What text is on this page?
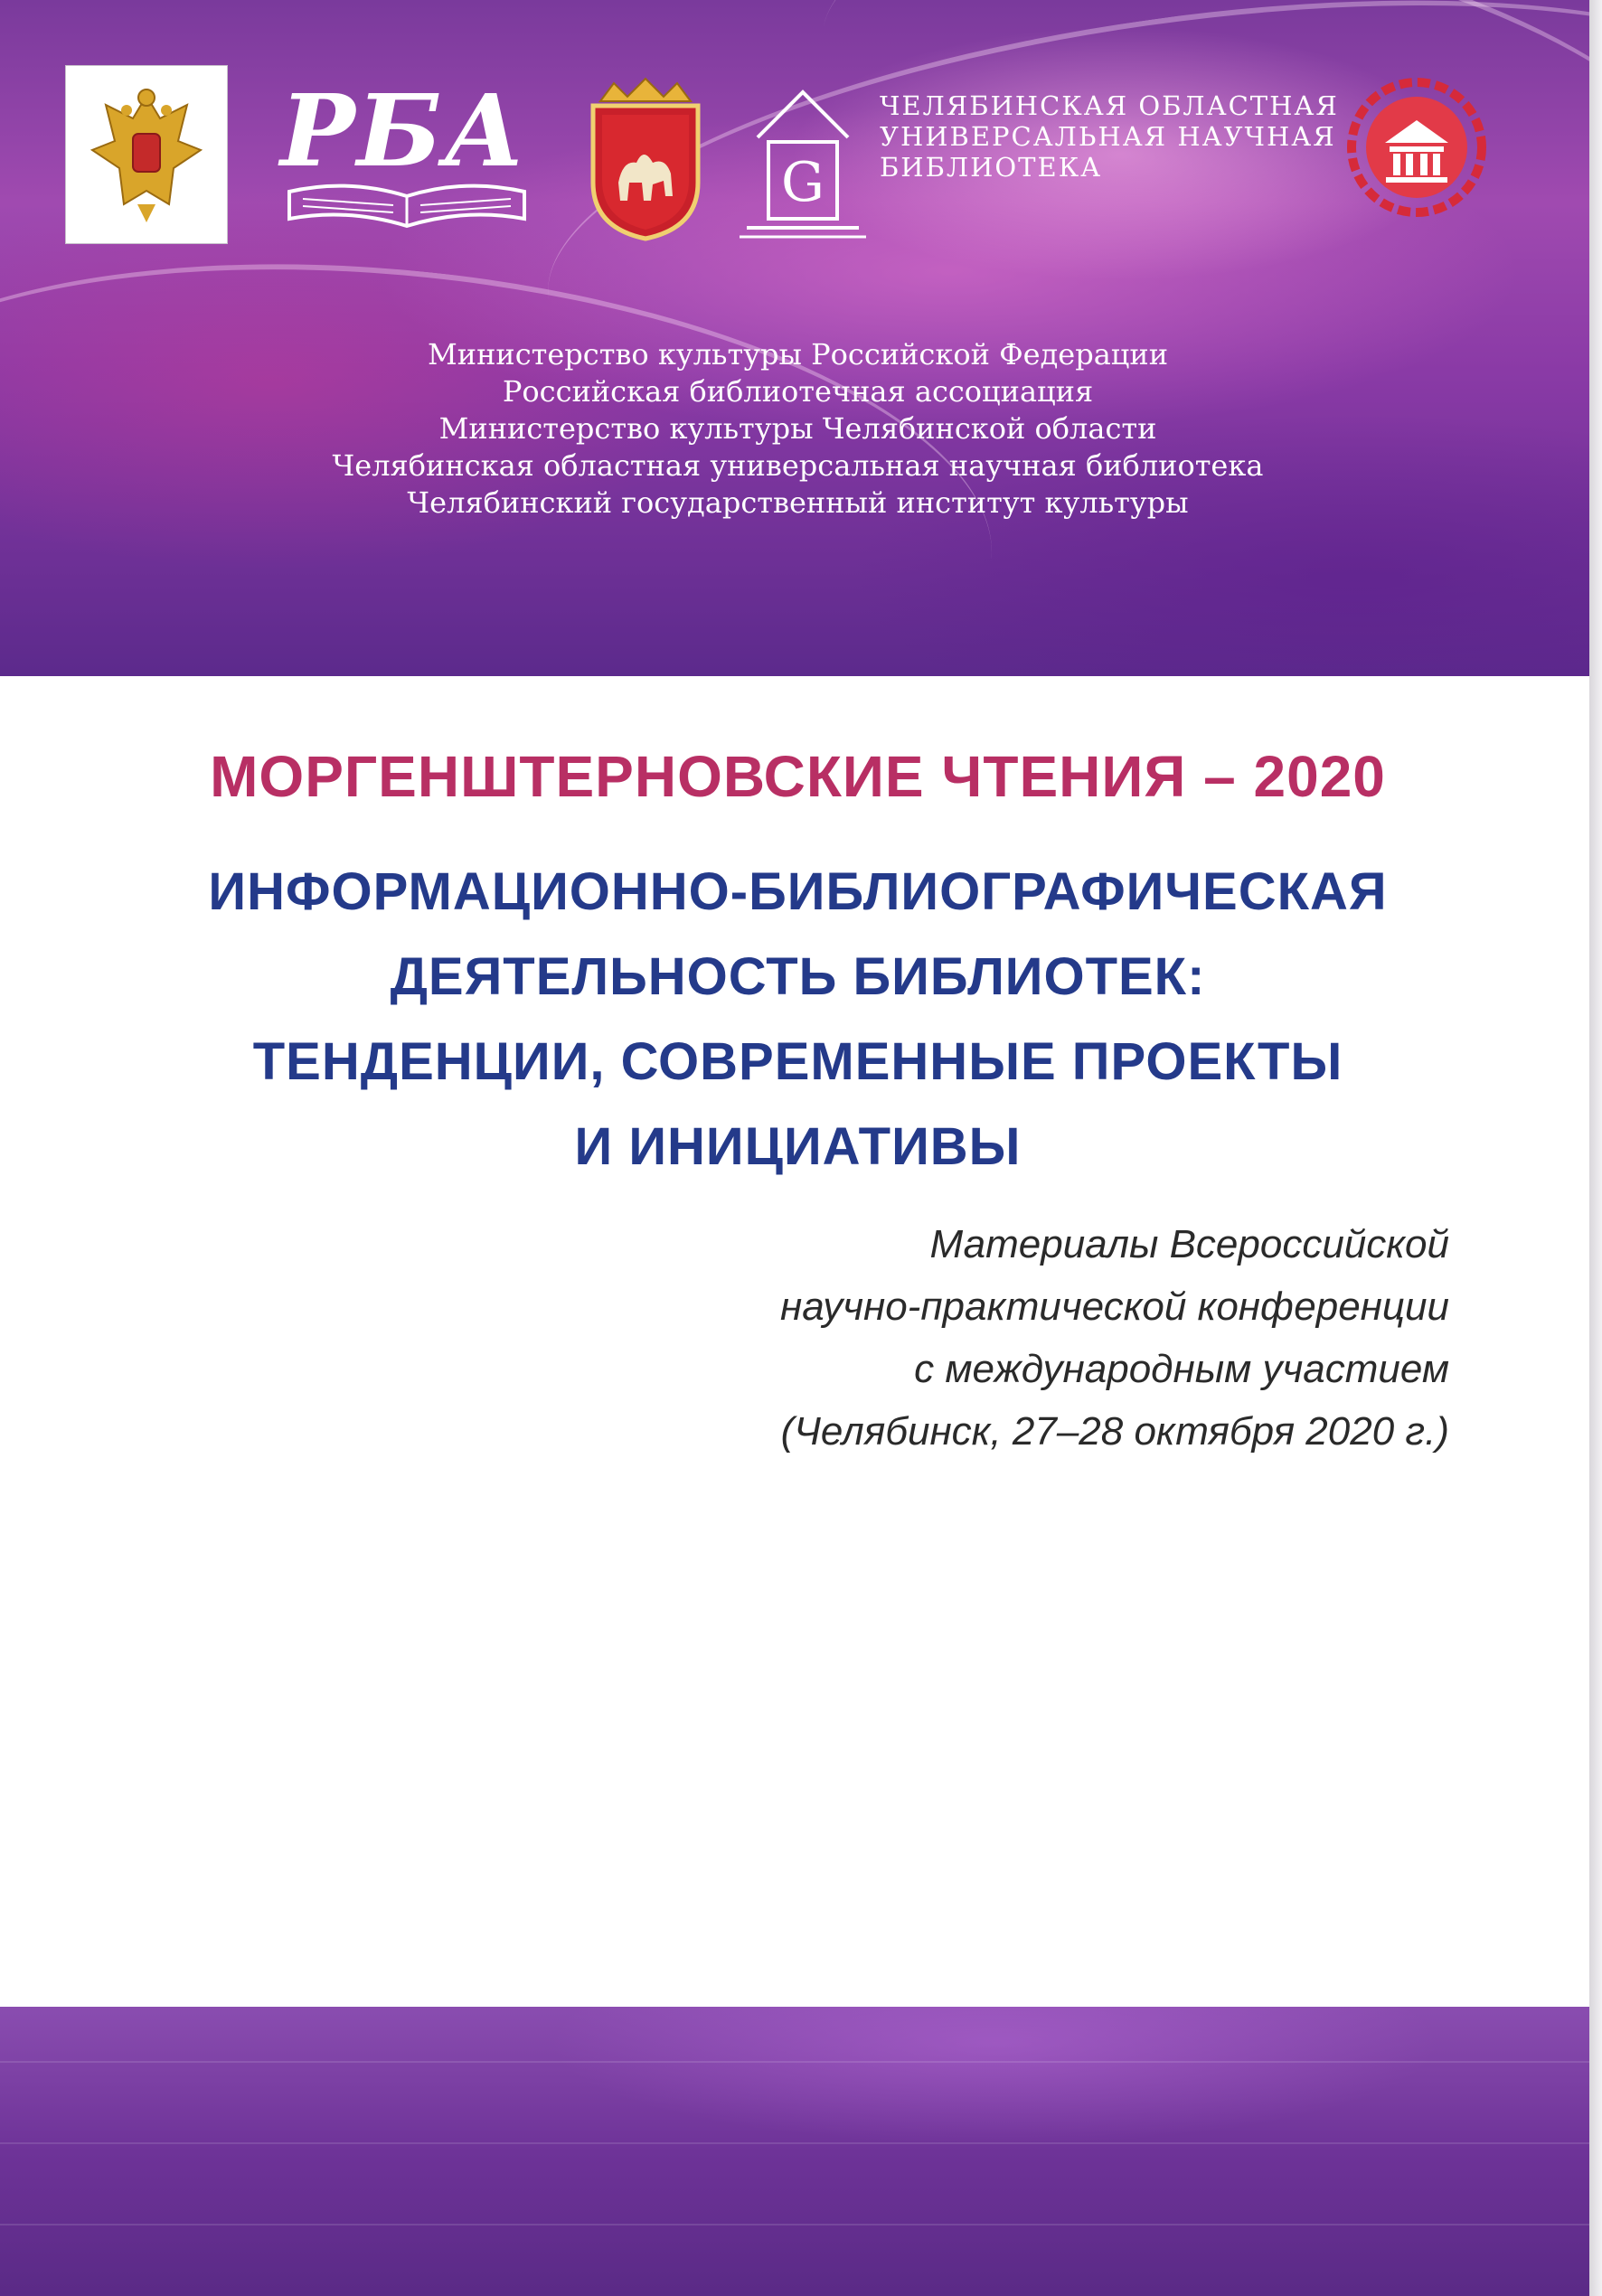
РБА	G
ЧЕЛЯБИНСКАЯ ОБЛАСТНАЯ
УНИВЕРСАЛЬНАЯ НАУЧНАЯ
БИБЛИОТЕКА
Министерство культуры Российской Федерации
Российская библиотечная ассоциация
Министерство культуры Челябинской области
Челябинская областная универсальная научная библиотека
Челябинский государственный институт культуры
МОРГЕНШТЕРНОВСКИЕ ЧТЕНИЯ – 2020
ИНФОРМАЦИОННО-БИБЛИОГРАФИЧЕСКАЯ
ДЕЯТЕЛЬНОСТЬ БИБЛИОТЕК:
ТЕНДЕНЦИИ, СОВРЕМЕННЫЕ ПРОЕКТЫ
И ИНИЦИАТИВЫ
Материалы Всероссийской
научно-практической конференции
с международным участием
(Челябинск, 27–28 октября 2020 г.)
